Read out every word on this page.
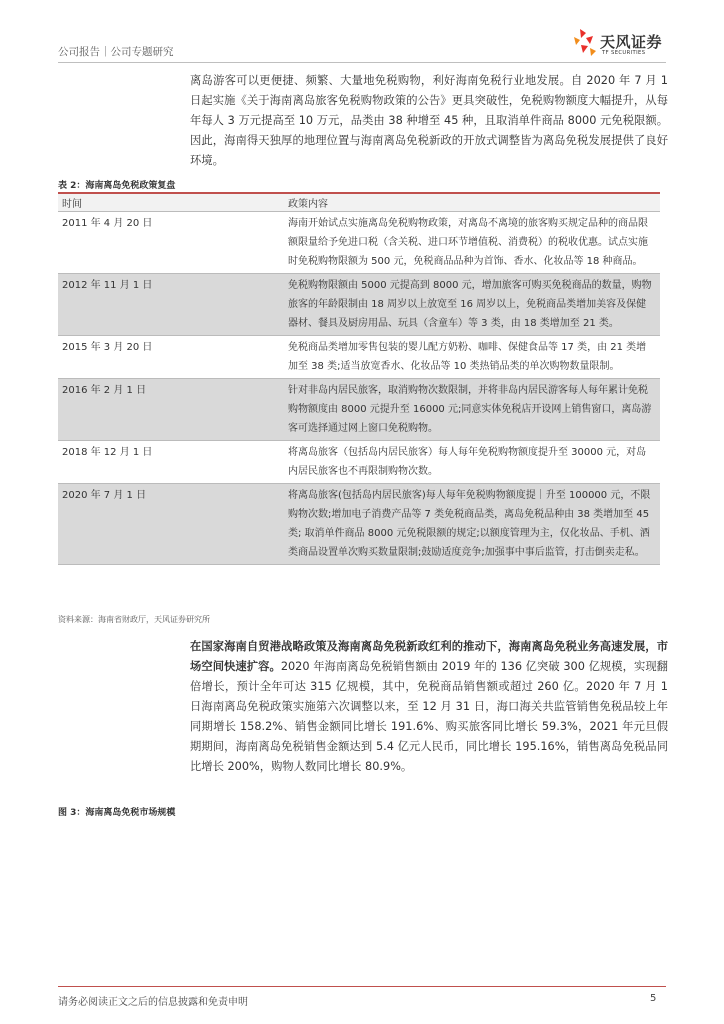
公司报告｜公司专题研究
天风证券
TF SECURITIES
离岛游客可以更便捷、频繁、大量地免税购物，利好海南免税行业地发展。自 2020 年 7 月 1 日起实施《关于海南离岛旅客免税购物政策的公告》更具突破性，免税购物额度大幅提升，从每年每人 3 万元提高至 10 万元，品类由 38 种增至 45 种，且取消单件商品 8000 元免税限额。因此，海南得天独厚的地理位置与海南离岛免税新政的开放式调整皆为离岛免税发展提供了良好环境。
表 2：海南离岛免税政策复盘
时间	政策内容
2011 年 4 月 20 日	海南开始试点实施离岛免税购物政策，对离岛不离境的旅客购买规定品种的商品限额限量给予免进口税（含关税、进口环节增值税、消费税）的税收优惠。试点实施时免税购物限额为 500 元，免税商品品种为首饰、香水、化妆品等 18 种商品。
2012 年 11 月 1 日	免税购物限额由 5000 元提高到 8000 元，增加旅客可购买免税商品的数量，购物旅客的年龄限制由 18 周岁以上放宽至 16 周岁以上，免税商品类增加美容及保健器材、餐具及厨房用品、玩具（含童车）等 3 类，由 18 类增加至 21 类。
2015 年 3 月 20 日	免税商品类增加零售包装的婴儿配方奶粉、咖啡、保健食品等 17 类，由 21 类增加至 38 类;适当放宽香水、化妆品等 10 类热销品类的单次购物数量限制。
2016 年 2 月 1 日	针对非岛内居民旅客，取消购物次数限制，并将非岛内居民游客每人每年累计免税购物额度由 8000 元提升至 16000 元;同意实体免税店开设网上销售窗口，离岛游客可选择通过网上窗口免税购物。
2018 年 12 月 1 日	将离岛旅客（包括岛内居民旅客）每人每年免税购物额度提升至 30000 元，对岛内居民旅客也不再限制购物次数。
2020 年 7 月 1 日	将离岛旅客(包括岛内居民旅客)每人每年免税购物额度提｜升至 100000 元，不限购物次数;增加电子消费产品等 7 类免税商品类，离岛免税品种由 38 类增加至 45 类; 取消单件商品 8000 元免税限额的规定;以额度管理为主，仅化妆品、手机、酒类商品设置单次购买数量限制;鼓励适度竞争;加强事中事后监管，打击倒卖走私。
资料来源：海南省财政厅，天风证券研究所
在国家海南自贸港战略政策及海南离岛免税新政红利的推动下，海南离岛免税业务高速发展，市场空间快速扩容。2020 年海南离岛免税销售额由 2019 年的 136 亿突破 300 亿规模，实现翻倍增长，预计全年可达 315 亿规模，其中，免税商品销售额或超过 260 亿。2020 年 7 月 1 日海南离岛免税政策实施第六次调整以来，至 12 月 31 日，海口海关共监管销售免税品较上年同期增长 158.2%、销售金额同比增长 191.6%、购买旅客同比增长 59.3%，2021 年元旦假期期间，海南离岛免税销售金额达到 5.4 亿元人民币，同比增长 195.16%，销售离岛免税品同比增长 200%，购物人数同比增长 80.9%。
图 3：海南离岛免税市场规模
请务必阅读正文之后的信息披露和免责申明	5
